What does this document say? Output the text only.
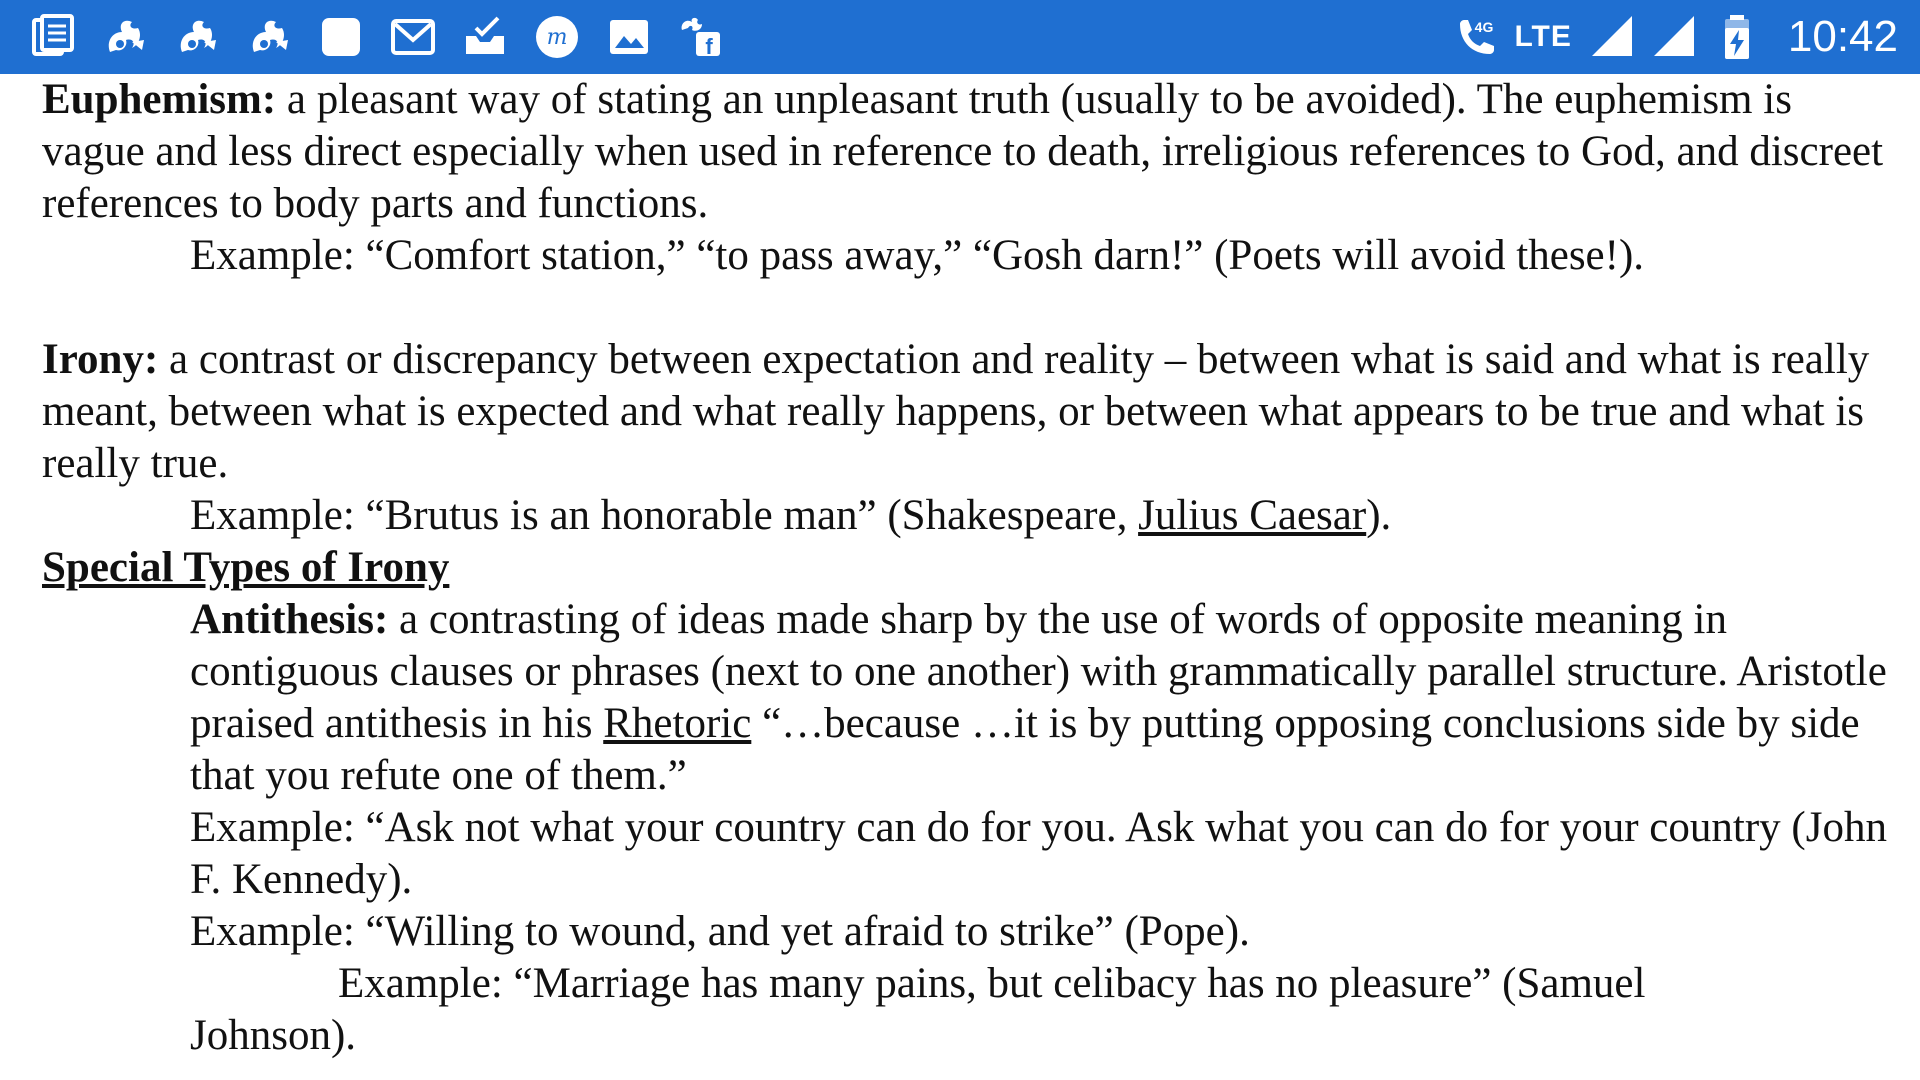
m	f
4G LTE	10:42

Euphemism: a pleasant way of stating an unpleasant truth (usually to be avoided). The euphemism is vague and less direct especially when used in reference to death, irreligious references to God, and discreet references to body parts and functions.

Example: “Comfort station,” “to pass away,” “Gosh darn!” (Poets will avoid these!).

Irony: a contrast or discrepancy between expectation and reality – between what is said and what is really meant, between what is expected and what really happens, or between what appears to be true and what is really true.

Example: “Brutus is an honorable man” (Shakespeare, Julius Caesar).

Special Types of Irony

Antithesis: a contrasting of ideas made sharp by the use of words of opposite meaning in contiguous clauses or phrases (next to one another) with grammatically parallel structure. Aristotle praised antithesis in his Rhetoric “…because …it is by putting opposing conclusions side by side that you refute one of them.”

Example: “Ask not what your country can do for you. Ask what you can do for your country (John F. Kennedy).

Example: “Willing to wound, and yet afraid to strike” (Pope).

Example: “Marriage has many pains, but celibacy has no pleasure” (Samuel

Johnson).
